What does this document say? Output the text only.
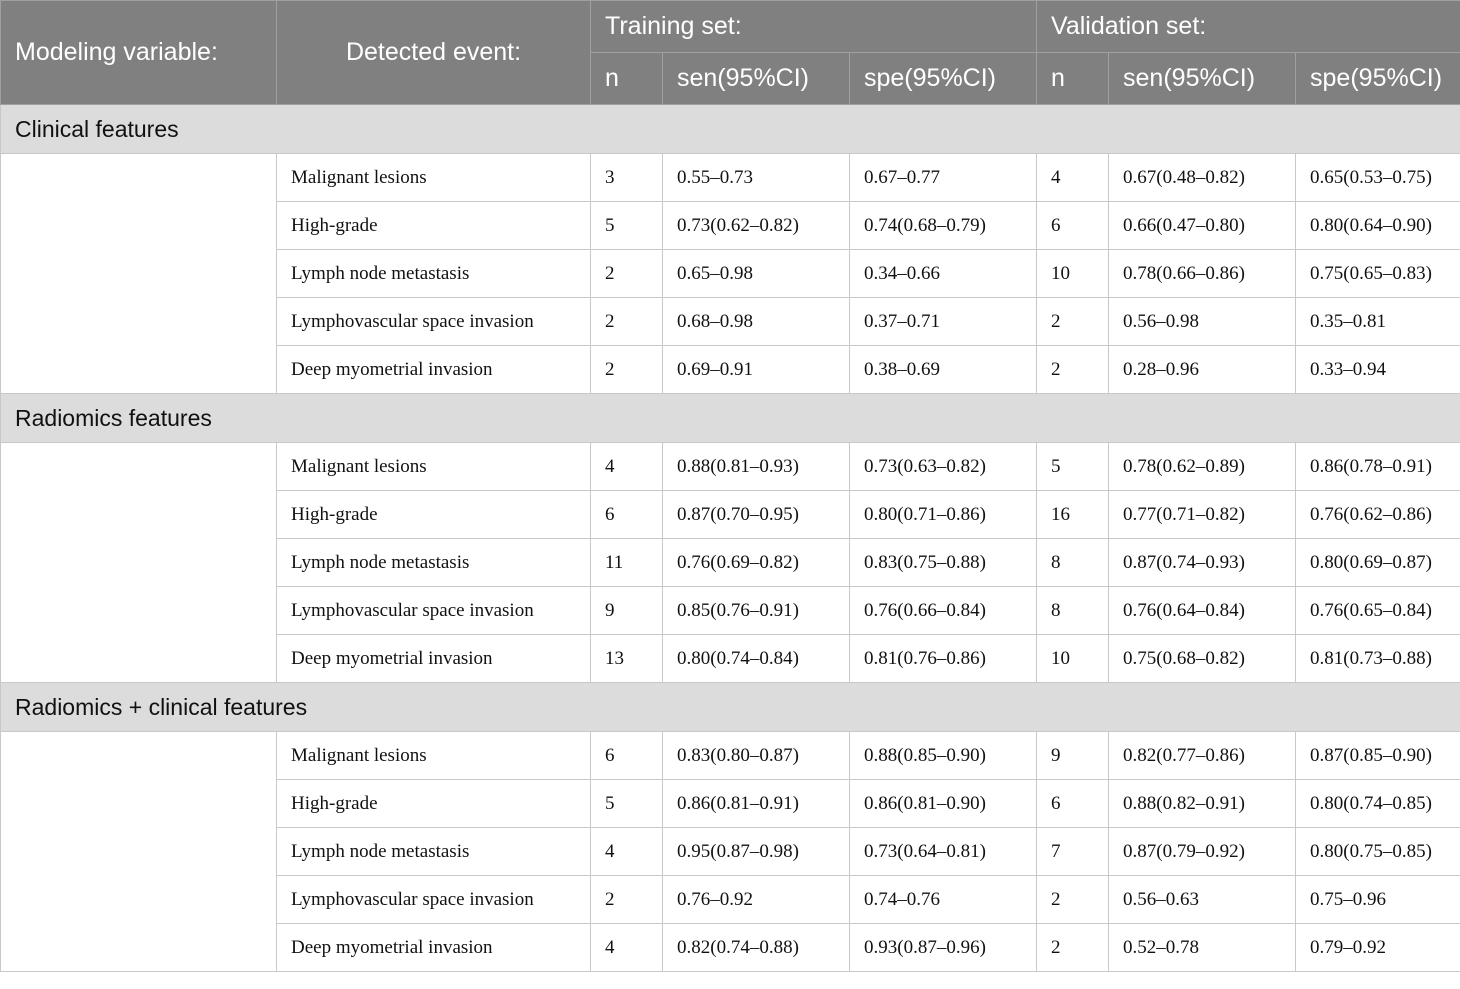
Modeling variable:	Detected event:	Training set:			Validation set:		
		n	sen(95%CI)	spe(95%CI)	n	sen(95%CI)	spe(95%CI)
Clinical features							
	Malignant lesions	3	0.55–0.73	0.67–0.77	4	0.67(0.48–0.82)	0.65(0.53–0.75)
	High-grade	5	0.73(0.62–0.82)	0.74(0.68–0.79)	6	0.66(0.47–0.80)	0.80(0.64–0.90)
	Lymph node metastasis	2	0.65–0.98	0.34–0.66	10	0.78(0.66–0.86)	0.75(0.65–0.83)
	Lymphovascular space invasion	2	0.68–0.98	0.37–0.71	2	0.56–0.98	0.35–0.81
	Deep myometrial invasion	2	0.69–0.91	0.38–0.69	2	0.28–0.96	0.33–0.94
Radiomics features							
	Malignant lesions	4	0.88(0.81–0.93)	0.73(0.63–0.82)	5	0.78(0.62–0.89)	0.86(0.78–0.91)
	High-grade	6	0.87(0.70–0.95)	0.80(0.71–0.86)	16	0.77(0.71–0.82)	0.76(0.62–0.86)
	Lymph node metastasis	11	0.76(0.69–0.82)	0.83(0.75–0.88)	8	0.87(0.74–0.93)	0.80(0.69–0.87)
	Lymphovascular space invasion	9	0.85(0.76–0.91)	0.76(0.66–0.84)	8	0.76(0.64–0.84)	0.76(0.65–0.84)
	Deep myometrial invasion	13	0.80(0.74–0.84)	0.81(0.76–0.86)	10	0.75(0.68–0.82)	0.81(0.73–0.88)
Radiomics + clinical features							
	Malignant lesions	6	0.83(0.80–0.87)	0.88(0.85–0.90)	9	0.82(0.77–0.86)	0.87(0.85–0.90)
	High-grade	5	0.86(0.81–0.91)	0.86(0.81–0.90)	6	0.88(0.82–0.91)	0.80(0.74–0.85)
	Lymph node metastasis	4	0.95(0.87–0.98)	0.73(0.64–0.81)	7	0.87(0.79–0.92)	0.80(0.75–0.85)
	Lymphovascular space invasion	2	0.76–0.92	0.74–0.76	2	0.56–0.63	0.75–0.96
	Deep myometrial invasion	4	0.82(0.74–0.88)	0.93(0.87–0.96)	2	0.52–0.78	0.79–0.92
